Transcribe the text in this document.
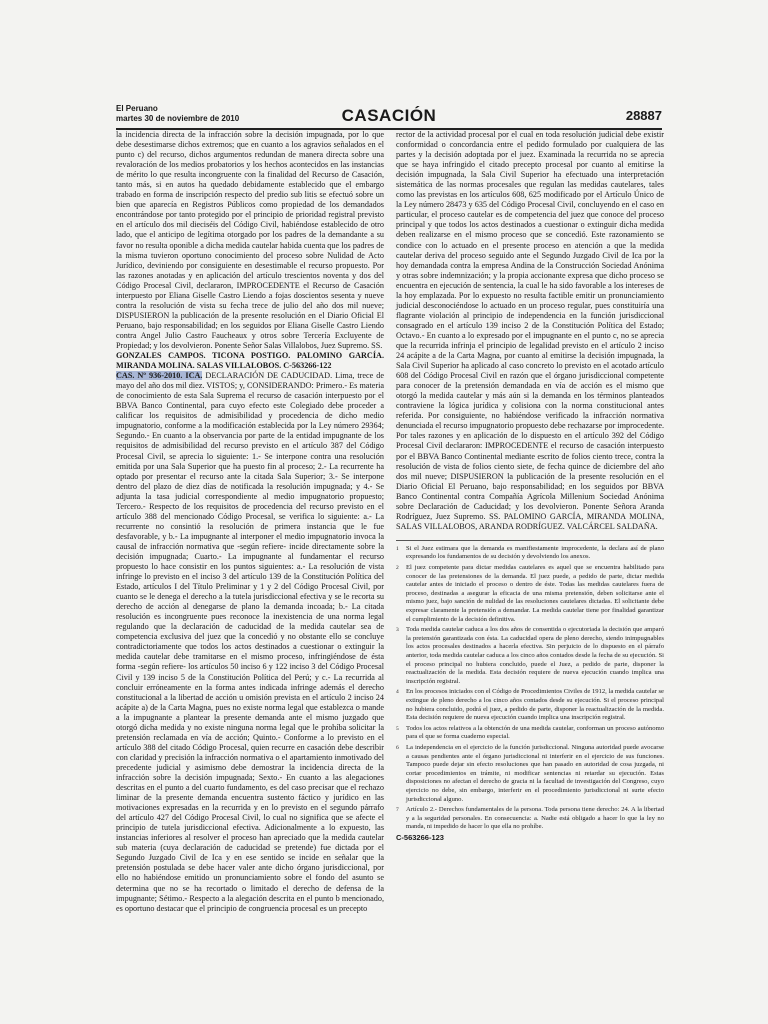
El Peruano
martes 30 de noviembre de 2010	CASACIÓN	28887

la incidencia directa de la infracción sobre la decisión impugnada, por lo que debe desestimarse dichos extremos; que en cuanto a los agravios señalados en el punto c) del recurso, dichos argumentos redundan de manera directa sobre una revaloración de los medios probatorios y los hechos acontecidos en las instancias de mérito lo que resulta incongruente con la finalidad del Recurso de Casación, tanto más, si en autos ha quedado debidamente establecido que el embargo trabado en forma de inscripción respecto del predio sub litis se efectuó sobre un bien que aparecía en Registros Públicos como propiedad de los demandados encontrándose por tanto protegido por el principio de prioridad registral previsto en el artículo dos mil dieciséis del Código Civil, habiéndose establecido de otro lado, que el anticipo de legítima otorgado por los padres de la demandante a su favor no resulta oponible a dicha medida cautelar habida cuenta que los padres de la misma tuvieron oportuno conocimiento del proceso sobre Nulidad de Acto Jurídico, deviniendo por consiguiente en desestimable el recurso propuesto. Por las razones anotadas y en aplicación del artículo trescientos noventa y dos del Código Procesal Civil, declararon, IMPROCEDENTE el Recurso de Casación interpuesto por Eliana Giselle Castro Liendo a fojas doscientos sesenta y nueve contra la resolución de vista su fecha trece de julio del año dos mil nueve; DISPUSIERON la publicación de la presente resolución en el Diario Oficial El Peruano, bajo responsabilidad; en los seguidos por Eliana Giselle Castro Liendo contra Angel Julio Castro Faucheaux y otros sobre Tercería Excluyente de Propiedad; y los devolvieron. Ponente Señor Salas Villalobos, Juez Supremo. SS.

GONZALES CAMPOS. TICONA POSTIGO. PALOMINO GARCÍA. MIRANDA MOLINA. SALAS VILLALOBOS. C-563266-122

CAS. Nº 936-2010. ICA. DECLARACIÓN DE CADUCIDAD. Lima, trece de mayo del año dos mil diez. VISTOS; y, CONSIDERANDO: Primero.- Es materia de conocimiento de esta Sala Suprema el recurso de casación interpuesto por el BBVA Banco Continental, para cuyo efecto este Colegiado debe proceder a calificar los requisitos de admisibilidad y procedencia de dicho medio impugnatorio, conforme a la modificación establecida por la Ley número 29364; Segundo.- En cuanto a la observancia por parte de la entidad impugnante de los requisitos de admisibilidad del recurso previsto en el artículo 387 del Código Procesal Civil, se aprecia lo siguiente: 1.- Se interpone contra una resolución emitida por una Sala Superior que ha puesto fin al proceso; 2.- La recurrente ha optado por presentar el recurso ante la citada Sala Superior; 3.- Se interpone dentro del plazo de diez días de notificada la resolución impugnada; y 4.- Se adjunta la tasa judicial correspondiente al medio impugnatorio propuesto; Tercero.- Respecto de los requisitos de procedencia del recurso previsto en el artículo 388 del mencionado Código Procesal, se verifica lo siguiente: a.- La recurrente no consintió la resolución de primera instancia que le fue desfavorable, y b.- La impugnante al interponer el medio impugnatorio invoca la causal de infracción normativa que -según refiere- incide directamente sobre la decisión impugnada; Cuarto.- La impugnante al fundamentar el recurso propuesto lo hace consistir en los puntos siguientes: a.- La resolución de vista infringe lo previsto en el inciso 3 del artículo 139 de la Constitución Política del Estado, artículos I del Título Preliminar y 1 y 2 del Código Procesal Civil, por cuanto se le denega el derecho a la tutela jurisdiccional efectiva y se le recorta su derecho de acción al denegarse de plano la demanda incoada; b.- La citada resolución es incongruente pues reconoce la inexistencia de una norma legal regulando que la declaración de caducidad de la medida cautelar sea de competencia exclusiva del juez que la concedió y no obstante ello se concluye contradictoriamente que todos los actos destinados a cuestionar o extinguir la medida cautelar debe tramitarse en el mismo proceso, infringiéndose de ésta forma -según refiere- los artículos 50 inciso 6 y 122 inciso 3 del Código Procesal Civil y 139 inciso 5 de la Constitución Política del Perú; y c.- La recurrida al concluir erróneamente en la forma antes indicada infringe además el derecho constitucional a la libertad de acción u omisión prevista en el artículo 2 inciso 24 acápite a) de la Carta Magna, pues no existe norma legal que establezca o mande a la impugnante a plantear la presente demanda ante el mismo juzgado que otorgó dicha medida y no existe ninguna norma legal que le prohíba solicitar la pretensión reclamada en vía de acción; Quinto.- Conforme a lo previsto en el artículo 388 del citado Código Procesal, quien recurre en casación debe describir con claridad y precisión la infracción normativa o el apartamiento inmotivado del precedente judicial y asimismo debe demostrar la incidencia directa de la infracción sobre la decisión impugnada; Sexto.- En cuanto a las alegaciones descritas en el punto a del cuarto fundamento, es del caso precisar que el rechazo liminar de la presente demanda encuentra sustento fáctico y jurídico en las motivaciones expresadas en la recurrida y en lo previsto en el segundo párrafo del artículo 427 del Código Procesal Civil, lo cual no significa que se afecte el principio de tutela jurisdiccional efectiva. Adicionalmente a lo expuesto, las instancias inferiores al resolver el proceso han apreciado que la medida cautelar sub materia (cuya declaración de caducidad se pretende) fue dictada por el Segundo Juzgado Civil de Ica y en ese sentido se incide en señalar que la pretensión postulada se debe hacer valer ante dicho órgano jurisdiccional, por ello no habiéndose emitido un pronunciamiento sobre el fondo del asunto se determina que no se ha recortado o limitado el derecho de defensa de la impugnante; Sétimo.- Respecto a la alegación descrita en el punto b mencionado, es oportuno destacar que el principio de congruencia procesal es un precepto

rector de la actividad procesal por el cual en toda resolución judicial debe existir conformidad o concordancia entre el pedido formulado por cualquiera de las partes y la decisión adoptada por el juez. Examinada la recurrida no se aprecia que se haya infringido el citado precepto procesal por cuanto al emitirse la decisión impugnada, la Sala Civil Superior ha efectuado una interpretación sistemática de las normas procesales que regulan las medidas cautelares, tales como las previstas en los artículos 608, 625 modificado por el Artículo Único de la Ley número 28473 y 635 del Código Procesal Civil, concluyendo en el caso en particular, el proceso cautelar es de competencia del juez que conoce del proceso principal y que todos los actos destinados a cuestionar o extinguir dicha medida deben realizarse en el mismo proceso que se concedió. Este razonamiento se condice con lo actuado en el presente proceso en atención a que la medida cautelar deriva del proceso seguido ante el Segundo Juzgado Civil de Ica por la hoy demandada contra la empresa Andina de la Construcción Sociedad Anónima y otras sobre indemnización; y la propia accionante expresa que dicho proceso se encuentra en ejecución de sentencia, la cual le ha sido favorable a los intereses de la hoy emplazada. Por lo expuesto no resulta factible emitir un pronunciamiento judicial desconociéndose lo actuado en un proceso regular, pues constituiría una flagrante violación al principio de independencia en la función jurisdiccional consagrado en el artículo 139 inciso 2 de la Constitución Política del Estado; Octavo.- En cuanto a lo expresado por el impugnante en el punto c, no se aprecia que la recurrida infrinja el principio de legalidad previsto en el artículo 2 inciso 24 acápite a de la Carta Magna, por cuanto al emitirse la decisión impugnada, la Sala Civil Superior ha aplicado al caso concreto lo previsto en el acotado artículo 608 del Código Procesal Civil en razón que el órgano jurisdiccional competente para conocer de la pretensión demandada en vía de acción es el mismo que otorgó la medida cautelar y más aún si la demanda en los términos planteados contraviene la lógica jurídica y colisiona con la norma constitucional antes referida. Por consiguiente, no habiéndose verificado la infracción normativa denunciada el recurso impugnatorio propuesto debe rechazarse por improcedente. Por tales razones y en aplicación de lo dispuesto en el artículo 392 del Código Procesal Civil declararon: IMPROCEDENTE el recurso de casación interpuesto por el BBVA Banco Continental mediante escrito de folios ciento trece, contra la resolución de vista de folios ciento siete, de fecha quince de diciembre del año dos mil nueve; DISPUSIERON la publicación de la presente resolución en el Diario Oficial El Peruano, bajo responsabilidad; en los seguidos por BBVA Banco Continental contra Compañía Agrícola Millenium Sociedad Anónima sobre Declaración de Caducidad; y los devolvieron. Ponente Señora Aranda Rodríguez, Juez Supremo. SS. PALOMINO GARCÍA, MIRANDA MOLINA, SALAS VILLALOBOS, ARANDA RODRÍGUEZ. VALCÁRCEL SALDAÑA.

1	Si el Juez estimara que la demanda es manifiestamente improcedente, la declara así de plano expresando los fundamentos de su decisión y devolviendo los anexos.
2	El juez competente para dictar medidas cautelares es aquel que se encuentra habilitado para conocer de las pretensiones de la demanda. El juez puede, a pedido de parte, dictar medida cautelar antes de iniciado el proceso o dentro de éste. Todas las medidas cautelares fuera de proceso, destinadas a asegurar la eficacia de una misma pretensión, deben solicitarse ante el mismo juez, bajo sanción de nulidad de las resoluciones cautelares dictadas. El solicitante debe expresar claramente la pretensión a demandar. La medida cautelar tiene por finalidad garantizar el cumplimiento de la decisión definitiva.
3	Toda medida cautelar caduca a los dos años de consentida o ejecutoriada la decisión que amparó la pretensión garantizada con ésta. La caducidad opera de pleno derecho, siendo inimpugnables los actos procesales destinados a hacerla efectiva. Sin perjuicio de lo dispuesto en el párrafo anterior, toda medida cautelar caduca a los cinco años contados desde la fecha de su ejecución. Si el proceso principal no hubiera concluido, puede el Juez, a pedido de parte, disponer la reactualización de la medida. Esta decisión requiere de nueva ejecución cuando implica una inscripción registral.
4	En los procesos iniciados con el Código de Procedimientos Civiles de 1912, la medida cautelar se extingue de pleno derecho a los cinco años contados desde su ejecución. Si el proceso principal no hubiera concluido, podrá el juez, a pedido de parte, disponer la reactualización de la medida. Esta decisión requiere de nueva ejecución cuando implica una inscripción registral.
5	Todos los actos relativos a la obtención de una medida cautelar, conforman un proceso autónomo para el que se forma cuaderno especial.
6	La independencia en el ejercicio de la función jurisdiccional. Ninguna autoridad puede avocarse a causas pendientes ante el órgano jurisdiccional ni interferir en el ejercicio de sus funciones. Tampoco puede dejar sin efecto resoluciones que han pasado en autoridad de cosa juzgada, ni cortar procedimientos en trámite, ni modificar sentencias ni retardar su ejecución. Estas disposiciones no afectan el derecho de gracia ni la facultad de investigación del Congreso, cuyo ejercicio no debe, sin embargo, interferir en el procedimiento jurisdiccional ni surte efecto jurisdiccional alguno.
7	Artículo 2.- Derechos fundamentales de la persona. Toda persona tiene derecho: 24. A la libertad y a la seguridad personales. En consecuencia: a. Nadie está obligado a hacer lo que la ley no manda, ni impedido de hacer lo que ella no prohíbe.
C-563266-123
